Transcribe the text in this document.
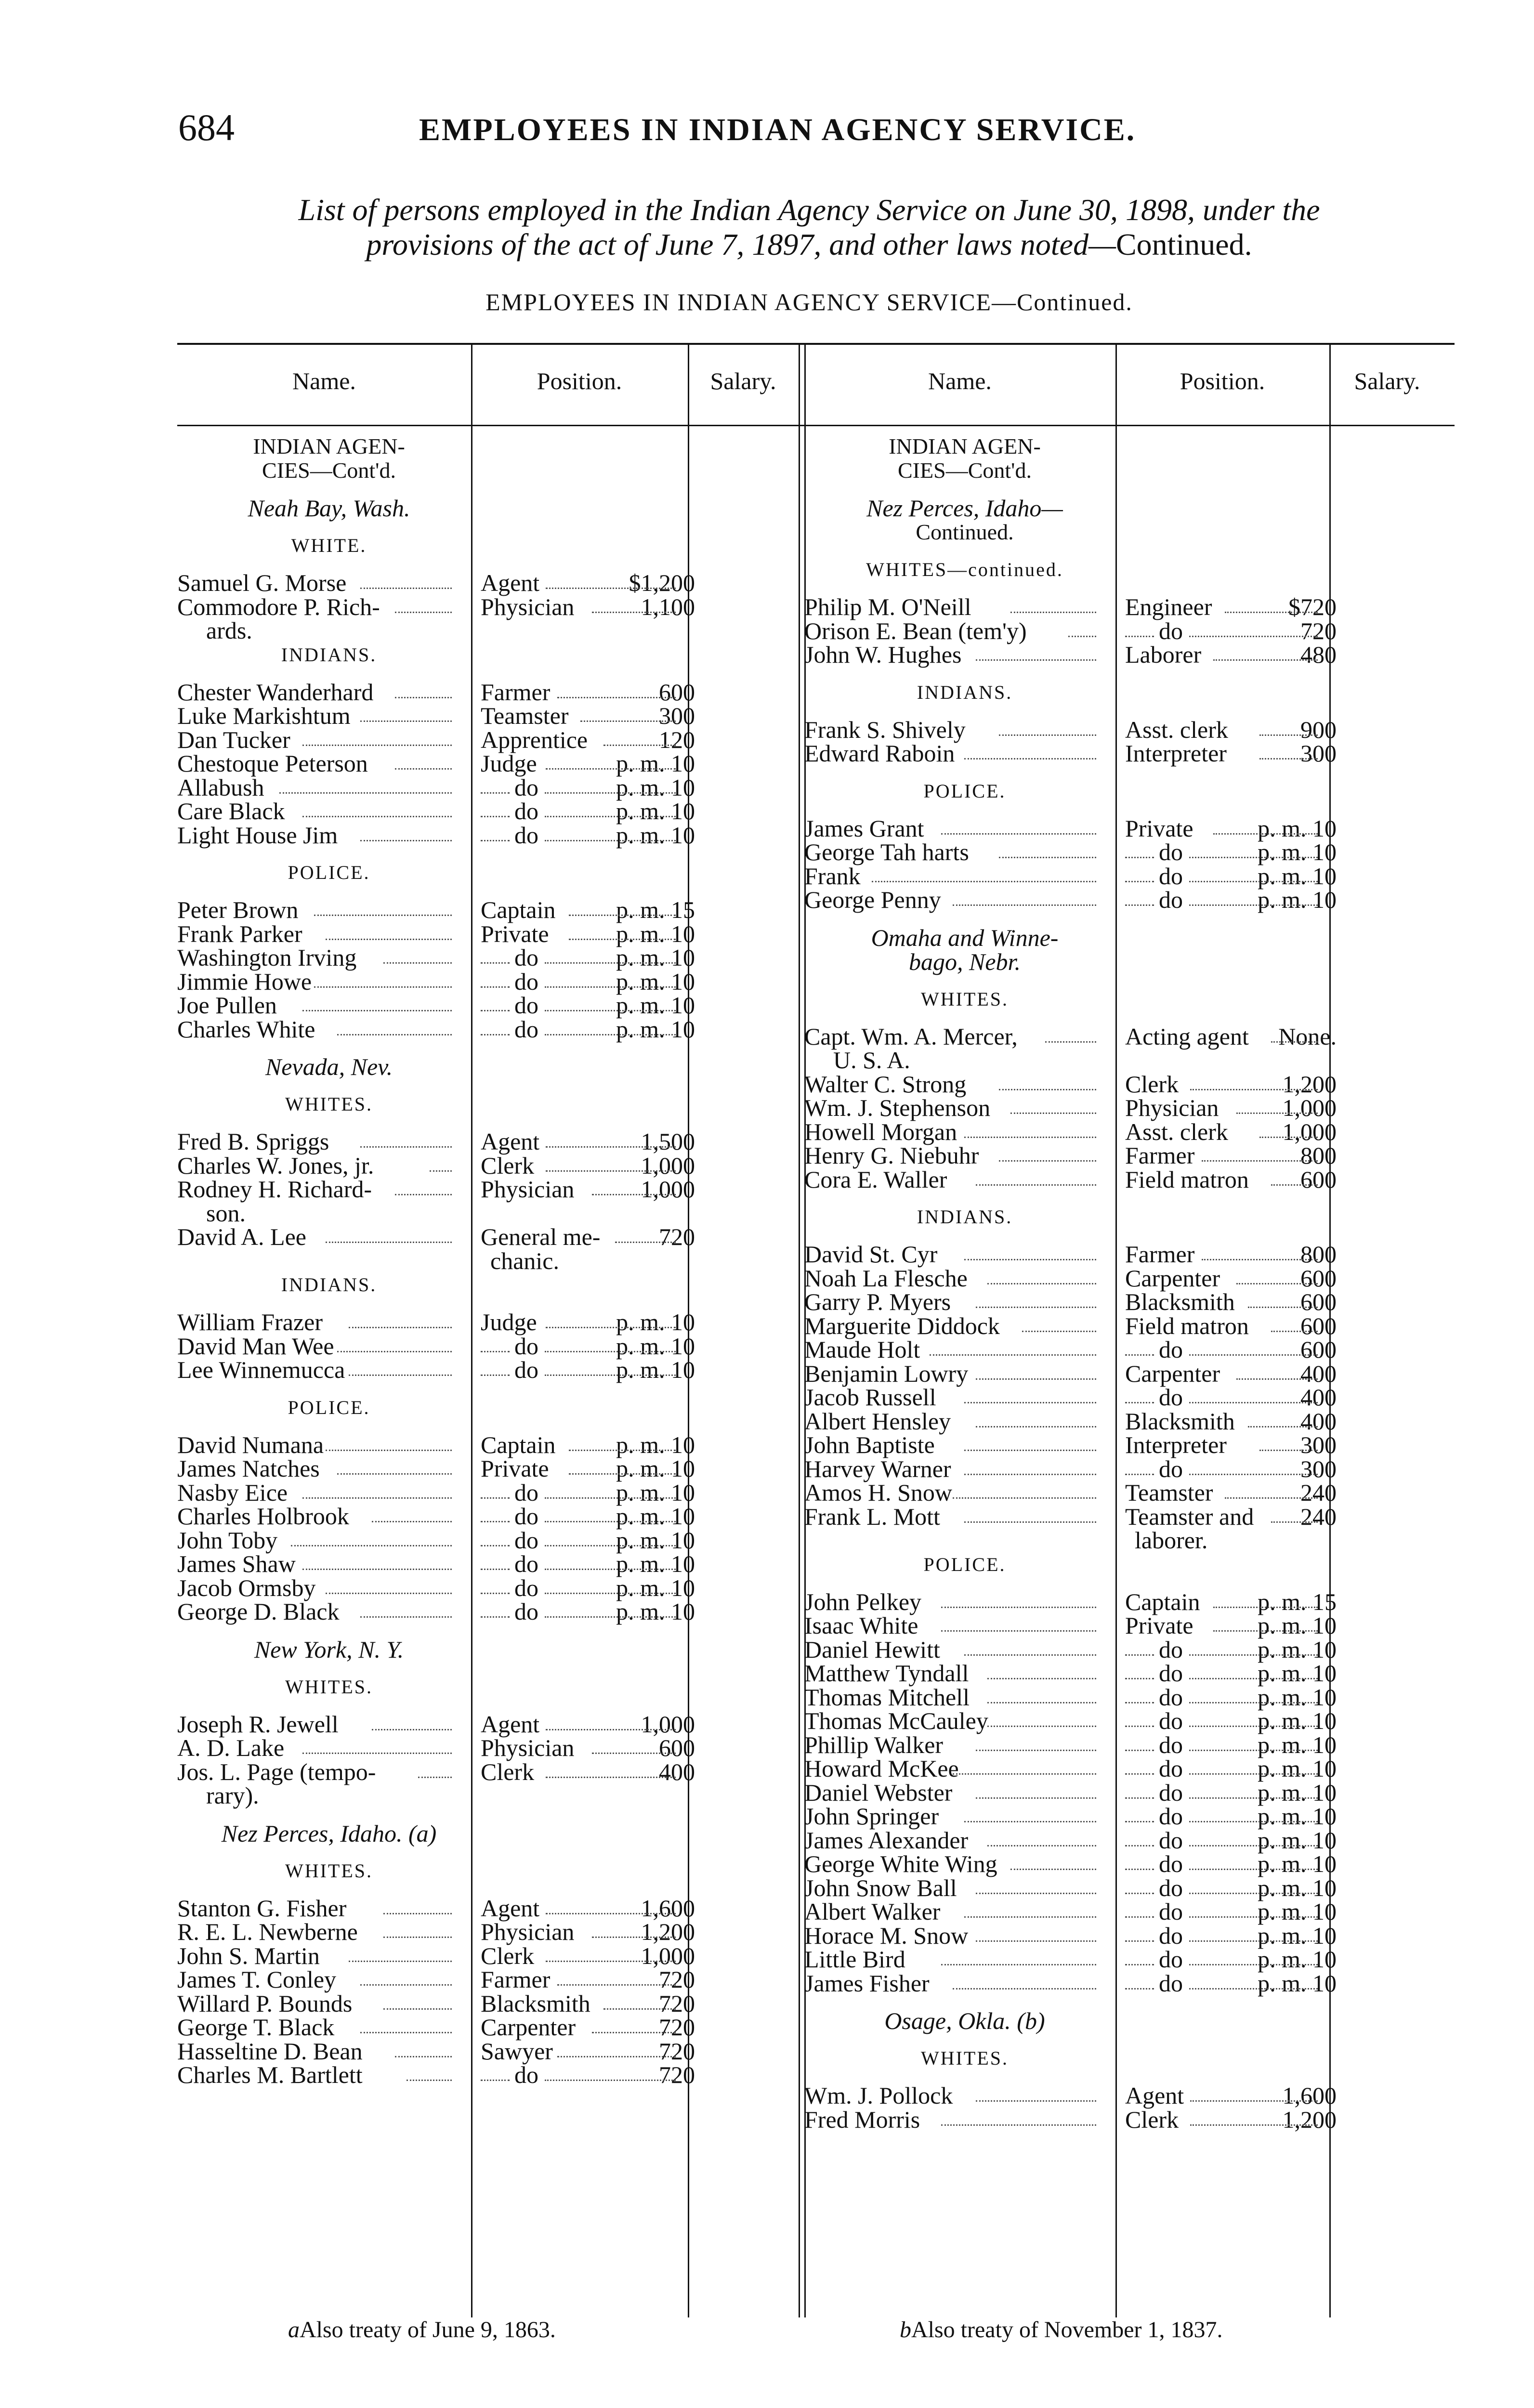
684	EMPLOYEES IN INDIAN AGENCY SERVICE.
List of persons employed in the Indian Agency Service on June 30, 1898, under the
provisions of the act of June 7, 1897, and other laws noted—Continued.
EMPLOYEES IN INDIAN AGENCY SERVICE—Continued.
Name.	Position.	Salary.
INDIAN AGEN-
CIES—Cont'd.
Neah Bay, Wash.
WHITE.
Samuel G. Morse	Agent	$1,200
Commodore P. Rich-	Physician	1,100
ards.
INDIANS.
Chester Wanderhard	Farmer	600
Luke Markishtum	Teamster	300
Dan Tucker	Apprentice	120
Chestoque Peterson	Judge	p. m. 10
Allabush	do	p. m. 10
Care Black	do	p. m. 10
Light House Jim	do	p. m. 10
POLICE.
Peter Brown	Captain	p. m. 15
Frank Parker	Private	p. m. 10
Washington Irving	do	p. m. 10
Jimmie Howe	do	p. m. 10
Joe Pullen	do	p. m. 10
Charles White	do	p. m. 10
Nevada, Nev.
WHITES.
Fred B. Spriggs	Agent	1,500
Charles W. Jones, jr.	Clerk	1,000
Rodney H. Richard-	Physician	1,000
son.
David A. Lee	General me- 720
chanic.
INDIANS.
William Frazer	Judge	p. m. 10
David Man Wee	do	p. m. 10
Lee Winnemucca	do	p. m. 10
POLICE.
David Numana	Captain	p. m. 10
James Natches	Private	p. m. 10
Nasby Eice	do	p. m. 10
Charles Holbrook	do	p. m. 10
John Toby	do	p. m. 10
James Shaw	do	p. m. 10
Jacob Ormsby	do	p. m. 10
George D. Black	do	p. m. 10
New York, N. Y.
WHITES.
Joseph R. Jewell	Agent	1,000
A. D. Lake	Physician	600
Jos. L. Page (tempo-	Clerk	400
rary).
Nez Perces, Idaho. (a)
WHITES.
Stanton G. Fisher	Agent	1,600
R. E. L. Newberne	Physician	1,200
John S. Martin	Clerk	1,000
James T. Conley	Farmer	720
Willard P. Bounds	Blacksmith	720
George T. Black	Carpenter	720
Hasseltine D. Bean	Sawyer	720
Charles M. Bartlett	do	720
Name.	Position.	Salary.
INDIAN AGEN-
CIES—Cont'd.
Nez Perces, Idaho—
Continued.
WHITES—continued.
Philip M. O'Neill	Engineer	$720
Orison E. Bean (tem'y)	do	720
John W. Hughes	Laborer	480
INDIANS.
Frank S. Shively	Asst. clerk	900
Edward Raboin	Interpreter	300
POLICE.
James Grant	Private	p. m. 10
George Tah harts	do	p. m. 10
Frank	do	p. m. 10
George Penny	do	p. m. 10
Omaha and Winne-
bago, Nebr.
WHITES.
Capt. Wm. A. Mercer,	Acting agent None.
U. S. A.
Walter C. Strong	Clerk	1,200
Wm. J. Stephenson	Physician	1,000
Howell Morgan	Asst. clerk 1,000
Henry G. Niebuhr	Farmer	800
Cora E. Waller	Field matron 600
INDIANS.
David St. Cyr	Farmer	800
Noah La Flesche	Carpenter	600
Garry P. Myers	Blacksmith	600
Marguerite Diddock	Field matron 600
Maude Holt	do	600
Benjamin Lowry	Carpenter	400
Jacob Russell	do	400
Albert Hensley	Blacksmith	400
John Baptiste	Interpreter	300
Harvey Warner	do	300
Amos H. Snow	Teamster	240
Frank L. Mott	Teamster and 240
laborer.
POLICE.
John Pelkey	Captain p. m. 15
Isaac White	Private	p. m. 10
Daniel Hewitt	do	p. m. 10
Matthew Tyndall	do	p. m. 10
Thomas Mitchell	do	p. m. 10
Thomas McCauley	do	p. m. 10
Phillip Walker	do	p. m. 10
Howard McKee	do	p. m. 10
Daniel Webster	do	p. m. 10
John Springer	do	p. m. 10
James Alexander	do	p. m. 10
George White Wing	do	p. m. 10
John Snow Ball	do	p. m. 10
Albert Walker	do	p. m. 10
Horace M. Snow	do	p. m. 10
Little Bird	do	p. m. 10
James Fisher	do	p. m. 10
Osage, Okla. (b)
WHITES.
Wm. J. Pollock	Agent	1,600
Fred Morris	Clerk	1,200
aAlso treaty of June 9, 1863.	bAlso treaty of November 1, 1837.
